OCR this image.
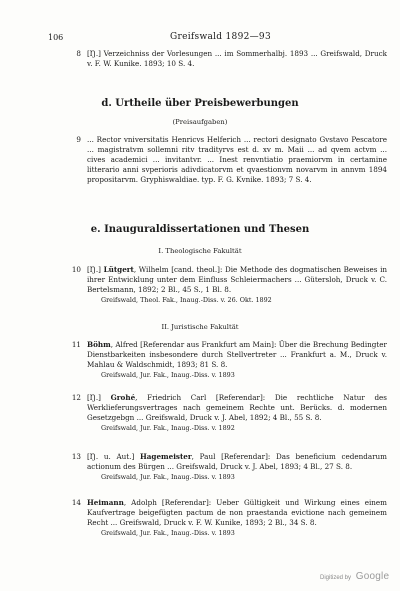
106	Greifswald 1892—93
8 [Ŋ.] Verzeichniss der Vorlesungen ... im Sommerhalbj. 1893 ... Greifswald, Druck v. F. W. Kunike. 1893; 10 S. 4.
d. Urtheile über Preisbewerbungen
(Preisaufgaben)
9 ... Rector vniversitatis Henricvs Helferich ... rectori designato Gvstavo Pescatore ... magistratvm sollemni ritv tradityrvs est d. xv m. Maii ... ad qvem actvm ... cives academici ... invitantvr. ... Inest renvntiatio praemiorvm in certamine litterario anni svperioris adivdicatorvm et qvaestionvm novarvm in annvm 1894 propositarvm. Gryphiswaldiae. typ. F. G. Kvnike. 1893; 7 S. 4.
e. Inauguraldissertationen und Thesen
I. Theologische Fakultät
10 [Ŋ.] Lütgert, Wilhelm [cand. theol.]: Die Methode des dogmatischen Beweises in ihrer Entwicklung unter dem Einfluss Schleiermachers ... Gütersloh, Druck v. C. Bertelsmann, 1892; 2 Bl., 45 S., 1 Bl. 8.
Greifswald, Theol. Fak., Inaug.-Diss. v. 26. Okt. 1892
II. Juristische Fakultät
11 Böhm, Alfred [Referendar aus Frankfurt am Main]: Über die Brechung Bedingter Dienstbarkeiten insbesondere durch Stellvertreter ... Frankfurt a. M., Druck v. Mahlau & Waldschmidt, 1893; 81 S. 8.
Greifswald, Jur. Fak., Inaug.-Diss. v. 1893
12 [Ŋ.] Grohé, Friedrich Carl [Referendar]: Die rechtliche Natur des Werklieferungsvertrages nach gemeinem Rechte unt. Berücks. d. modernen Gesetzgebgn ... Greifswald, Druck v. J. Abel, 1892; 4 Bl., 55 S. 8.
Greifswald, Jur. Fak., Inaug.-Diss. v. 1892
13 [Ŋ. u. Aut.] Hagemeister, Paul [Referendar]: Das beneficium cedendarum actionum des Bürgen ... Greifswald, Druck v. J. Abel, 1893; 4 Bl., 27 S. 8.
Greifswald, Jur. Fak., Inaug.-Diss. v. 1893
14 Heimann, Adolph [Referendar]: Ueber Gültigkeit und Wirkung eines einem Kaufvertrage beigefügten pactum de non praestanda evictione nach gemeinem Recht ... Greifswald, Druck v. F. W. Kunike, 1893; 2 Bl., 34 S. 8.
Greifswald, Jur. Fak., Inaug.-Diss. v. 1893
Digitized by Google
